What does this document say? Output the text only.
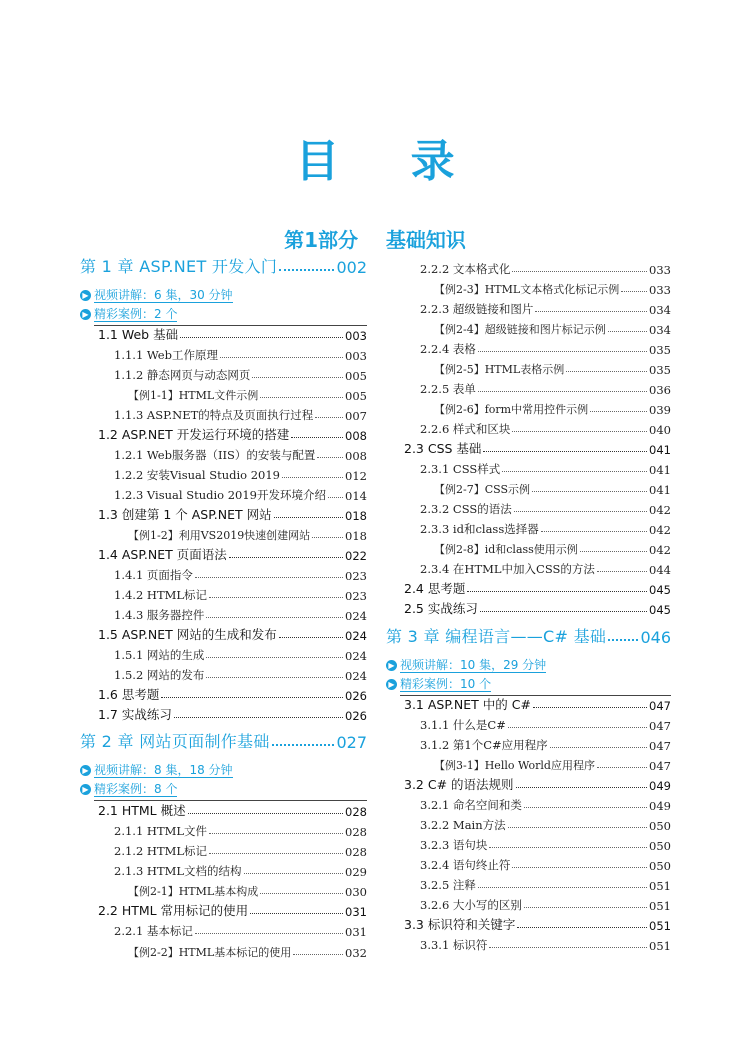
目 录
第1部分    基础知识
第 1 章 ASP.NET 开发入门	002
▶ 视频讲解：6 集，30 分钟
▶ 精彩案例：2 个
1.1 Web 基础	003
1.1.1 Web工作原理	003
1.1.2 静态网页与动态网页	005
【例1-1】HTML文件示例	005
1.1.3 ASP.NET的特点及页面执行过程	007
1.2 ASP.NET 开发运行环境的搭建	008
1.2.1 Web服务器（IIS）的安装与配置	008
1.2.2 安装Visual Studio 2019	012
1.2.3 Visual Studio 2019开发环境介绍 014
1.3 创建第 1 个 ASP.NET 网站	018
【例1-2】利用VS2019快速创建网站	018
1.4 ASP.NET 页面语法	022
1.4.1 页面指令	023
1.4.2 HTML标记	023
1.4.3 服务器控件	024
1.5 ASP.NET 网站的生成和发布	024
1.5.1 网站的生成	024
1.5.2 网站的发布	024
1.6 思考题	026
1.7 实战练习	026
第 2 章 网站页面制作基础	027
▶ 视频讲解：8 集，18 分钟
▶ 精彩案例：8 个
2.1 HTML 概述	028
2.1.1 HTML文件	028
2.1.2 HTML标记	028
2.1.3 HTML文档的结构	029
【例2-1】HTML基本构成	030
2.2 HTML 常用标记的使用	031
2.2.1 基本标记	031
【例2-2】HTML基本标记的使用	032
2.2.2 文本格式化	033
【例2-3】HTML文本格式化标记示例	033
2.2.3 超级链接和图片	034
【例2-4】超级链接和图片标记示例	034
2.2.4 表格	035
【例2-5】HTML表格示例	035
2.2.5 表单	036
【例2-6】form中常用控件示例	039
2.2.6 样式和区块	040
2.3 CSS 基础	041
2.3.1 CSS样式	041
【例2-7】CSS示例	041
2.3.2 CSS的语法	042
2.3.3 id和class选择器	042
【例2-8】id和class使用示例	042
2.3.4 在HTML中加入CSS的方法	044
2.4 思考题	045
2.5 实战练习	045
第 3 章 编程语言——C# 基础 046
▶ 视频讲解：10 集，29 分钟
▶ 精彩案例：10 个
3.1 ASP.NET 中的 C#	047
3.1.1 什么是C#	047
3.1.2 第1个C#应用程序	047
【例3-1】Hello World应用程序	047
3.2 C# 的语法规则	049
3.2.1 命名空间和类	049
3.2.2 Main方法	050
3.2.3 语句块	050
3.2.4 语句终止符	050
3.2.5 注释	051
3.2.6 大小写的区别	051
3.3 标识符和关键字	051
3.3.1 标识符	051
